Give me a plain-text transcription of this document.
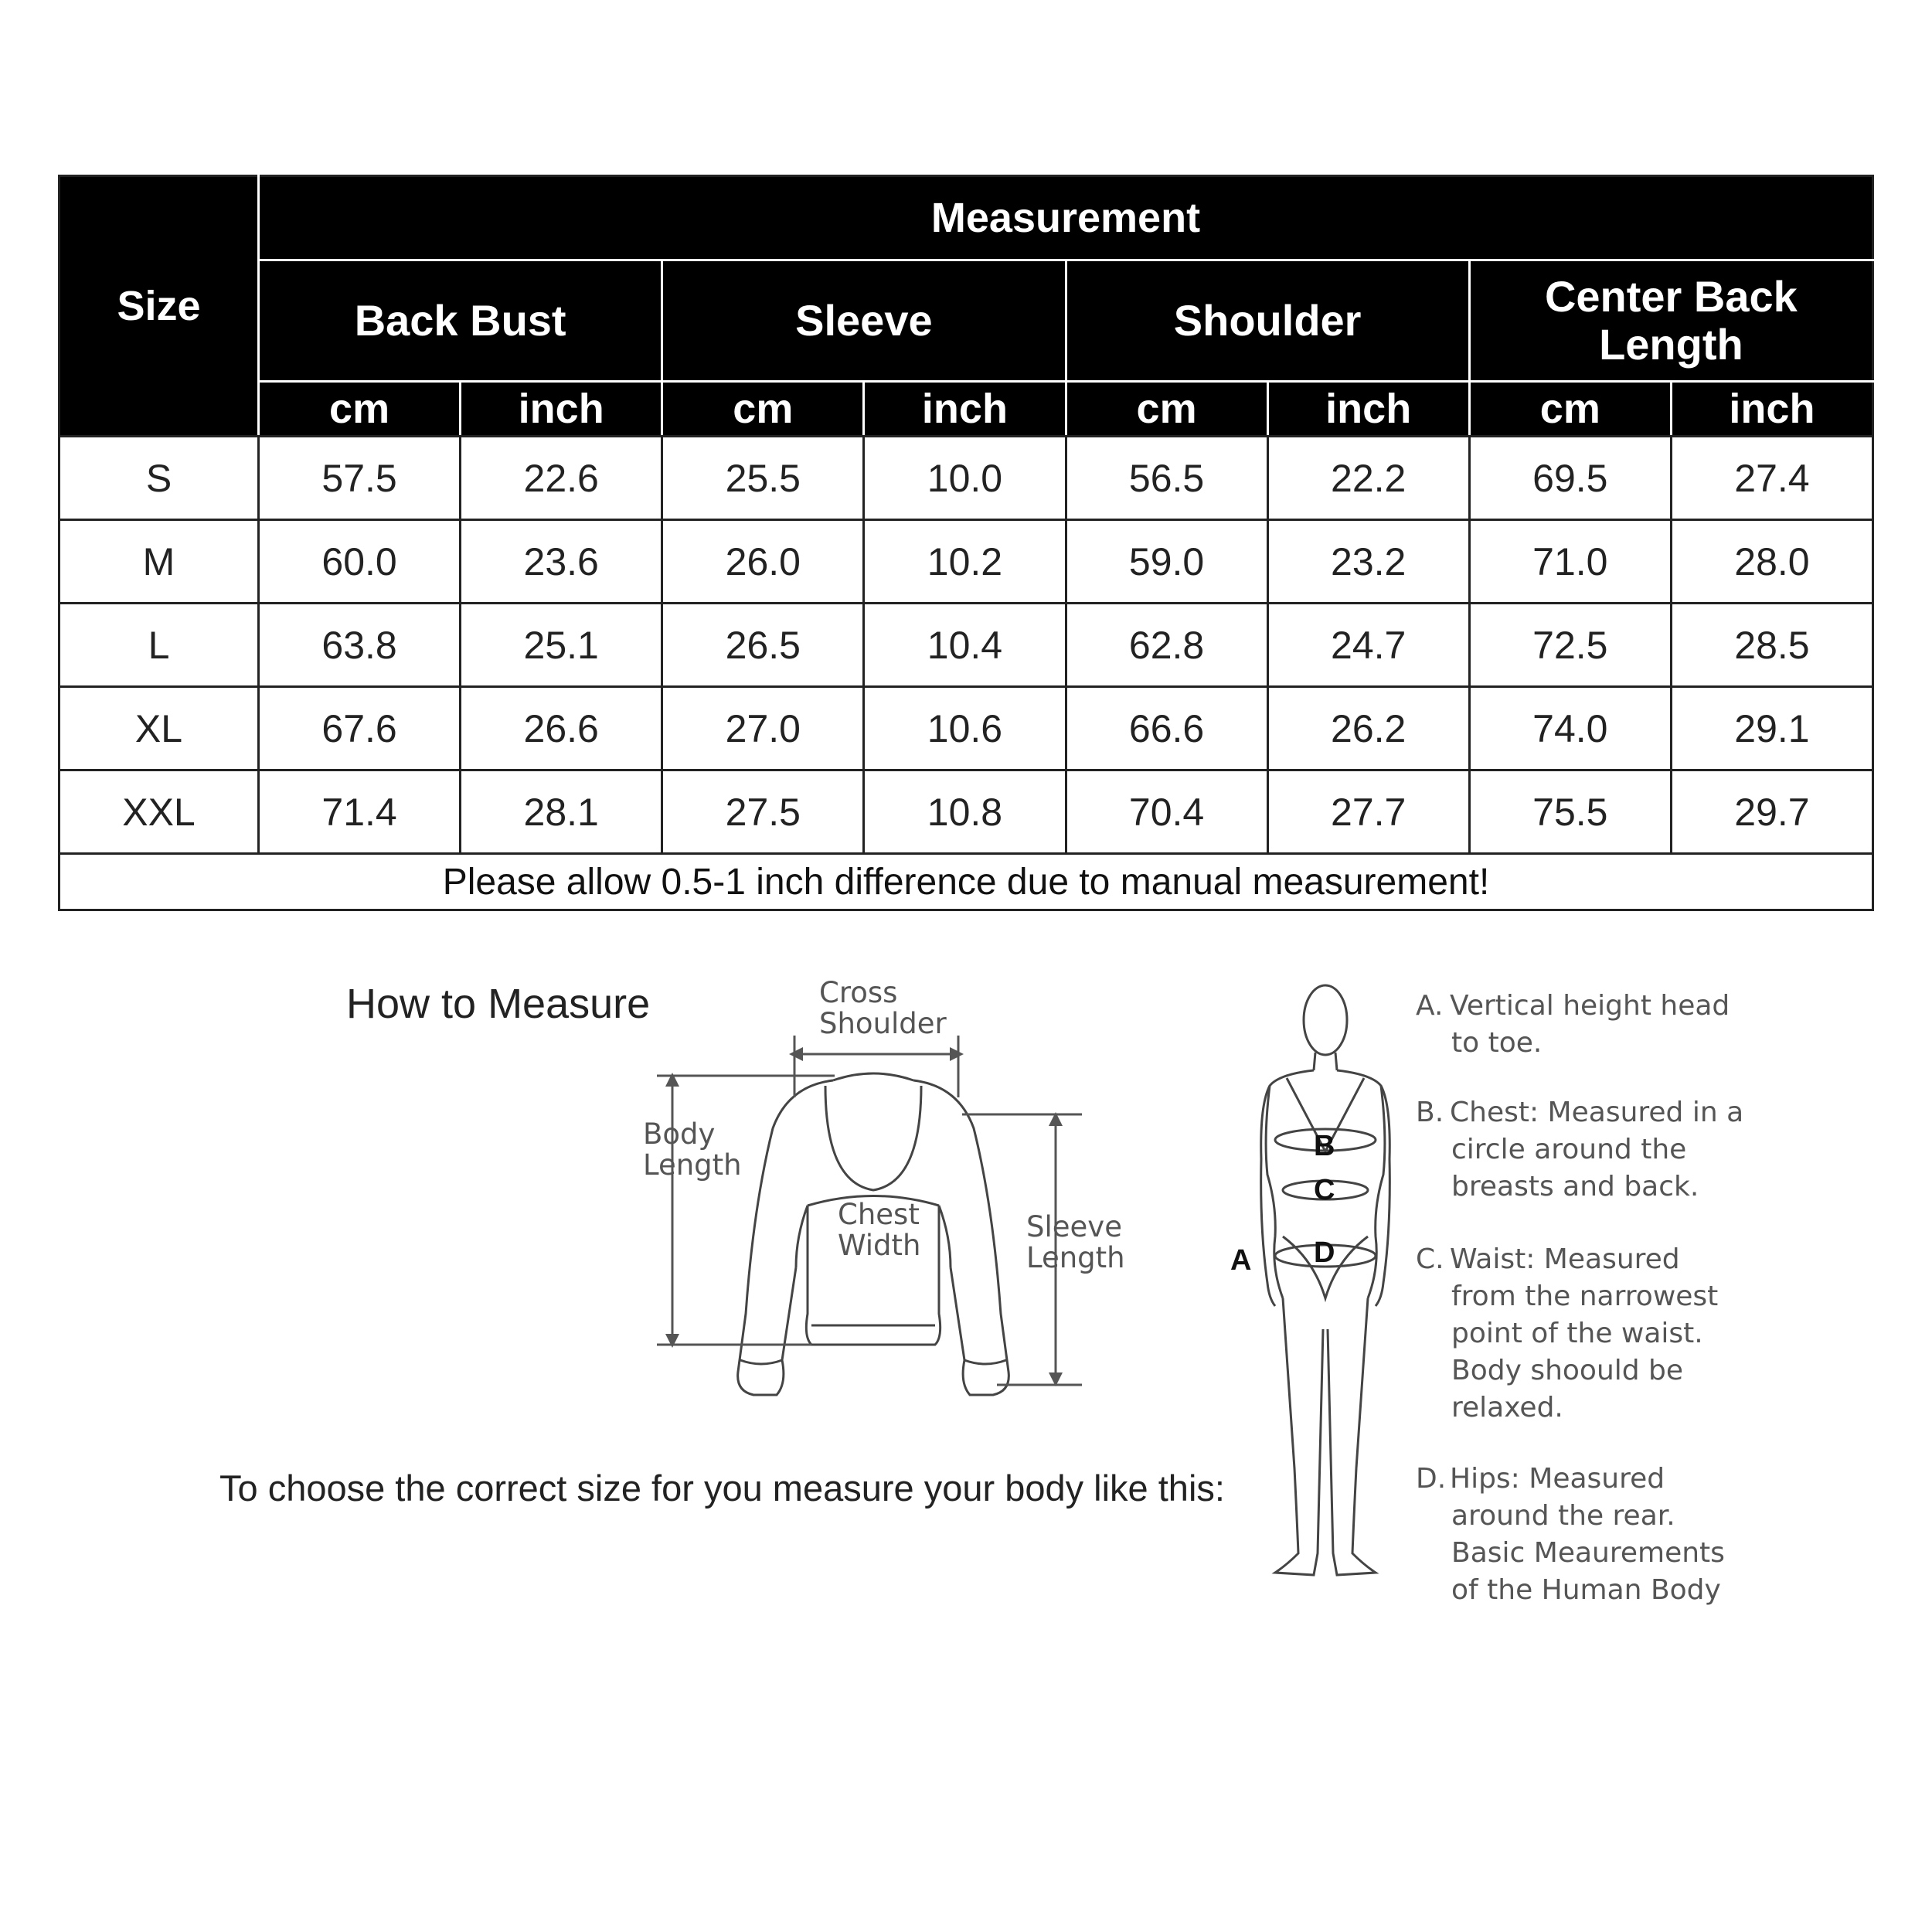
Size	Measurement							
	Back Bust		Sleeve		Shoulder		Center Back Length	
	cm	inch	cm	inch	cm	inch	cm	inch
S	57.5	22.6	25.5	10.0	56.5	22.2	69.5	27.4
M	60.0	23.6	26.0	10.2	59.0	23.2	71.0	28.0
L	63.8	25.1	26.5	10.4	62.8	24.7	72.5	28.5
XL	67.6	26.6	27.0	10.6	66.6	26.2	74.0	29.1
XXL	71.4	28.1	27.5	10.8	70.4	27.7	75.5	29.7
Please allow 0.5-1 inch difference due to manual measurement!								
How to Measure	Cross
Shoulder
Body
Length
Chest
Width
Sleeve
Length	A
B
C
D
To choose the correct size for you measure your body like this:
A. Vertical height head
to toe.
B. Chest: Measured in a
circle around the
breasts and back.
C. Waist: Measured
from the narrowest
point of the waist.
Body shoould be
relaxed.
D. Hips: Measured
around the rear.
Basic Meaurements
of the Human Body
